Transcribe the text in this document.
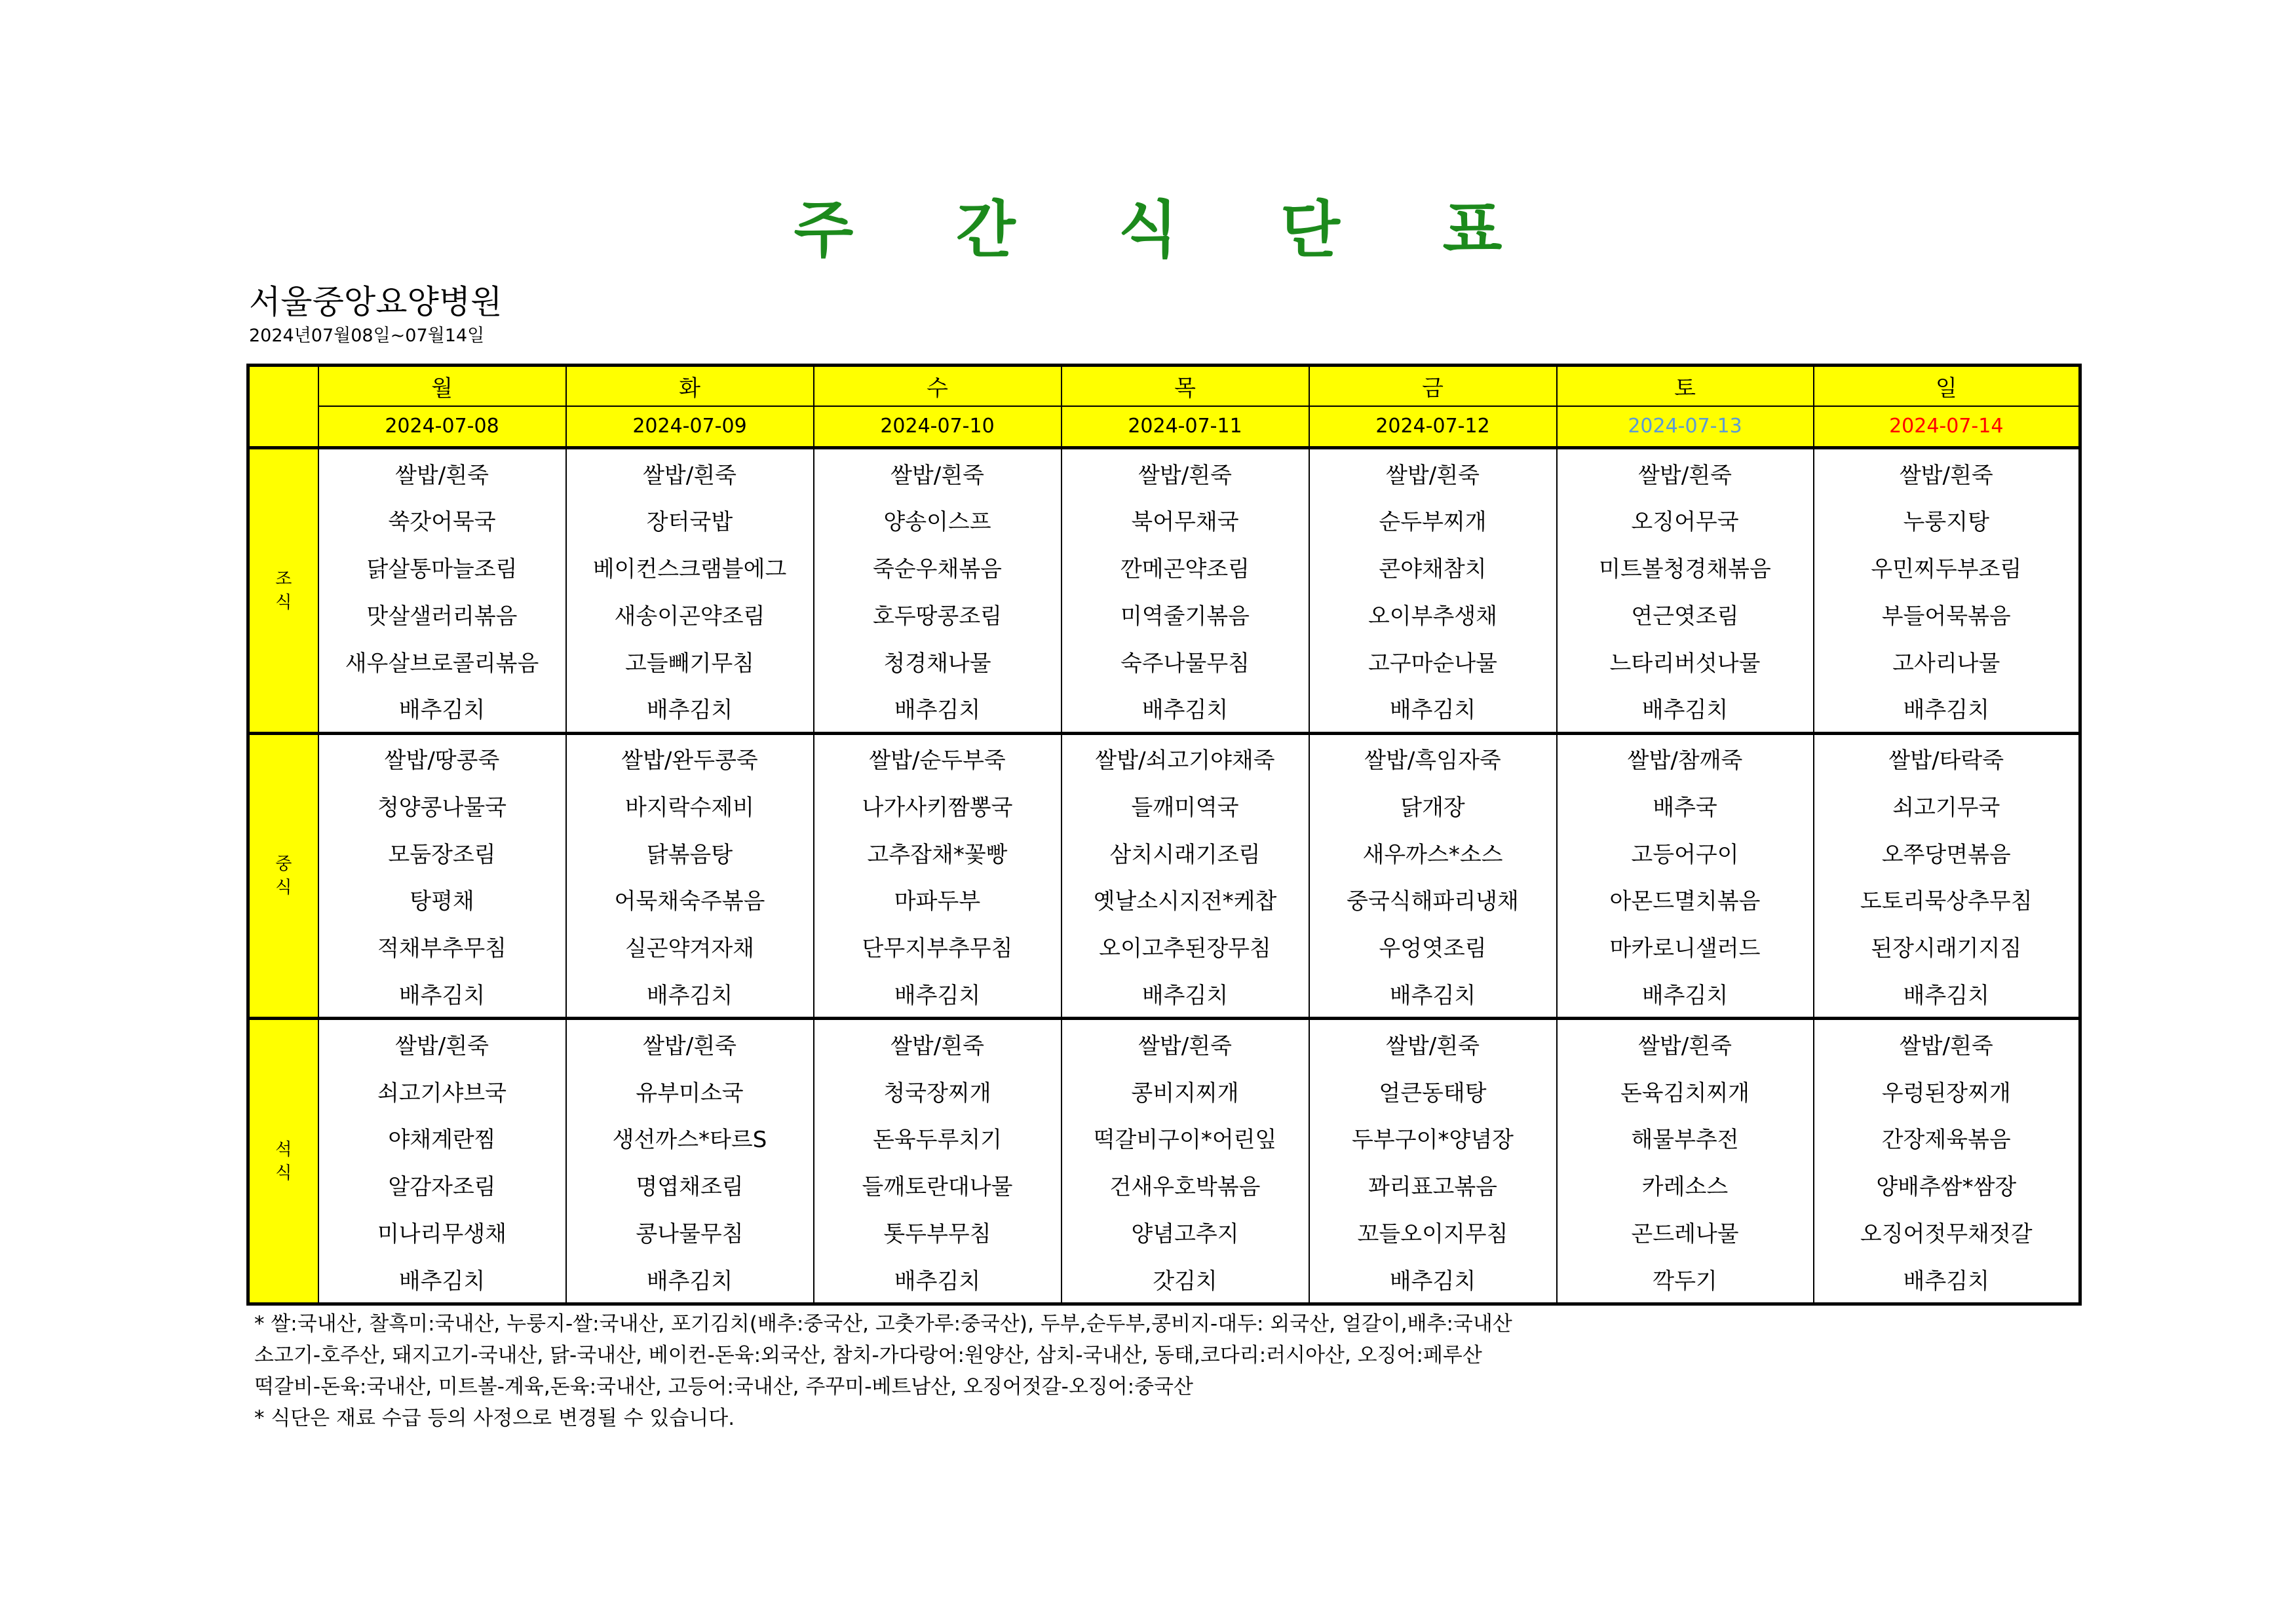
주 간 식 단 표
서울중앙요양병원
2024년07월08일~07월14일
	월	화	수	목	금	토	일
	2024-07-08	2024-07-09	2024-07-10	2024-07-11	2024-07-12	2024-07-13	2024-07-14
조
식	쌀밥/흰죽	쌀밥/흰죽	쌀밥/흰죽	쌀밥/흰죽	쌀밥/흰죽	쌀밥/흰죽	쌀밥/흰죽
	쑥갓어묵국	장터국밥	양송이스프	북어무채국	순두부찌개	오징어무국	누룽지탕
	닭살통마늘조림	베이컨스크램블에그	죽순우채볶음	깐메곤약조림	콘야채참치	미트볼청경채볶음	우민찌두부조림
	맛살샐러리볶음	새송이곤약조림	호두땅콩조림	미역줄기볶음	오이부추생채	연근엿조림	부들어묵볶음
	새우살브로콜리볶음	고들빼기무침	청경채나물	숙주나물무침	고구마순나물	느타리버섯나물	고사리나물
	배추김치	배추김치	배추김치	배추김치	배추김치	배추김치	배추김치
중
식	쌀밥/땅콩죽	쌀밥/완두콩죽	쌀밥/순두부죽	쌀밥/쇠고기야채죽	쌀밥/흑임자죽	쌀밥/참깨죽	쌀밥/타락죽
	청양콩나물국	바지락수제비	나가사키짬뽕국	들깨미역국	닭개장	배추국	쇠고기무국
	모둠장조림	닭볶음탕	고추잡채*꽃빵	삼치시래기조림	새우까스*소스	고등어구이	오쭈당면볶음
	탕평채	어묵채숙주볶음	마파두부	옛날소시지전*케찹	중국식해파리냉채	아몬드멸치볶음	도토리묵상추무침
	적채부추무침	실곤약겨자채	단무지부추무침	오이고추된장무침	우엉엿조림	마카로니샐러드	된장시래기지짐
	배추김치	배추김치	배추김치	배추김치	배추김치	배추김치	배추김치
석
식	쌀밥/흰죽	쌀밥/흰죽	쌀밥/흰죽	쌀밥/흰죽	쌀밥/흰죽	쌀밥/흰죽	쌀밥/흰죽
	쇠고기샤브국	유부미소국	청국장찌개	콩비지찌개	얼큰동태탕	돈육김치찌개	우렁된장찌개
	야채계란찜	생선까스*타르S	돈육두루치기	떡갈비구이*어린잎	두부구이*양념장	해물부추전	간장제육볶음
	알감자조림	명엽채조림	들깨토란대나물	건새우호박볶음	꽈리표고볶음	카레소스	양배추쌈*쌈장
	미나리무생채	콩나물무침	톳두부무침	양념고추지	꼬들오이지무침	곤드레나물	오징어젓무채젓갈
	배추김치	배추김치	배추김치	갓김치	배추김치	깍두기	배추김치
* 쌀:국내산, 찰흑미:국내산, 누룽지-쌀:국내산, 포기김치(배추:중국산, 고춧가루:중국산), 두부,순두부,콩비지-대두: 외국산, 얼갈이,배추:국내산
소고기-호주산, 돼지고기-국내산, 닭-국내산, 베이컨-돈육:외국산, 참치-가다랑어:원양산, 삼치-국내산, 동태,코다리:러시아산, 오징어:페루산
떡갈비-돈육:국내산, 미트볼-계육,돈육:국내산, 고등어:국내산, 주꾸미-베트남산, 오징어젓갈-오징어:중국산
* 식단은 재료 수급 등의 사정으로 변경될 수 있습니다.
